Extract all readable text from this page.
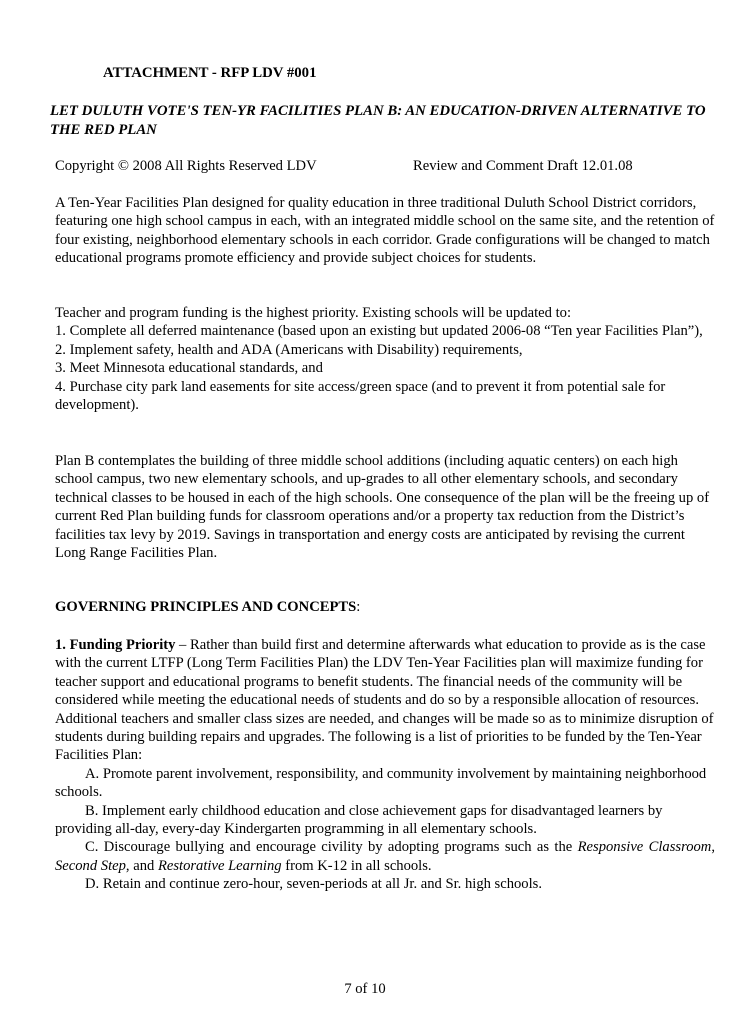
ATTACHMENT - RFP LDV #001
LET DULUTH VOTE'S TEN-YR FACILITIES PLAN B: AN EDUCATION-DRIVEN ALTERNATIVE TO THE RED PLAN
Copyright © 2008 All Rights Reserved LDV	Review and Comment Draft 12.01.08

A Ten-Year Facilities Plan designed for quality education in three traditional Duluth School District corridors, featuring one high school campus in each, with an integrated middle school on the same site, and the retention of four existing, neighborhood elementary schools in each corridor. Grade configurations will be changed to match educational programs promote efficiency and provide subject choices for students.

Teacher and program funding is the highest priority. Existing schools will be updated to:

1. Complete all deferred maintenance (based upon an existing but updated 2006-08 “Ten year Facilities Plan”),

2. Implement safety, health and ADA (Americans with Disability) requirements,

3. Meet Minnesota educational standards, and

4. Purchase city park land easements for site access/green space (and to prevent it from potential sale for development).

Plan B contemplates the building of three middle school additions (including aquatic centers) on each high school campus, two new elementary schools, and up-grades to all other elementary schools, and secondary technical classes to be housed in each of the high schools. One consequence of the plan will be the freeing up of current Red Plan building funds for classroom operations and/or a property tax reduction from the District’s facilities tax levy by 2019. Savings in transportation and energy costs are anticipated by revising the current Long Range Facilities Plan.

GOVERNING PRINCIPLES AND CONCEPTS:

1. Funding Priority – Rather than build first and determine afterwards what education to provide as is the case with the current LTFP (Long Term Facilities Plan) the LDV Ten-Year Facilities plan will maximize funding for teacher support and educational programs to benefit students. The financial needs of the community will be considered while meeting the educational needs of students and do so by a responsible allocation of resources. Additional teachers and smaller class sizes are needed, and changes will be made so as to minimize disruption of students during building repairs and upgrades. The following is a list of priorities to be funded by the Ten-Year Facilities Plan:

A. Promote parent involvement, responsibility, and community involvement by maintaining neighborhood schools.

B. Implement early childhood education and close achievement gaps for disadvantaged learners by providing all-day, every-day Kindergarten programming in all elementary schools.

C. Discourage bullying and encourage civility by adopting programs such as the Responsive Classroom, Second Step, and Restorative Learning from K-12 in all schools.

D. Retain and continue zero-hour, seven-periods at all Jr. and Sr. high schools.

7 of 10
